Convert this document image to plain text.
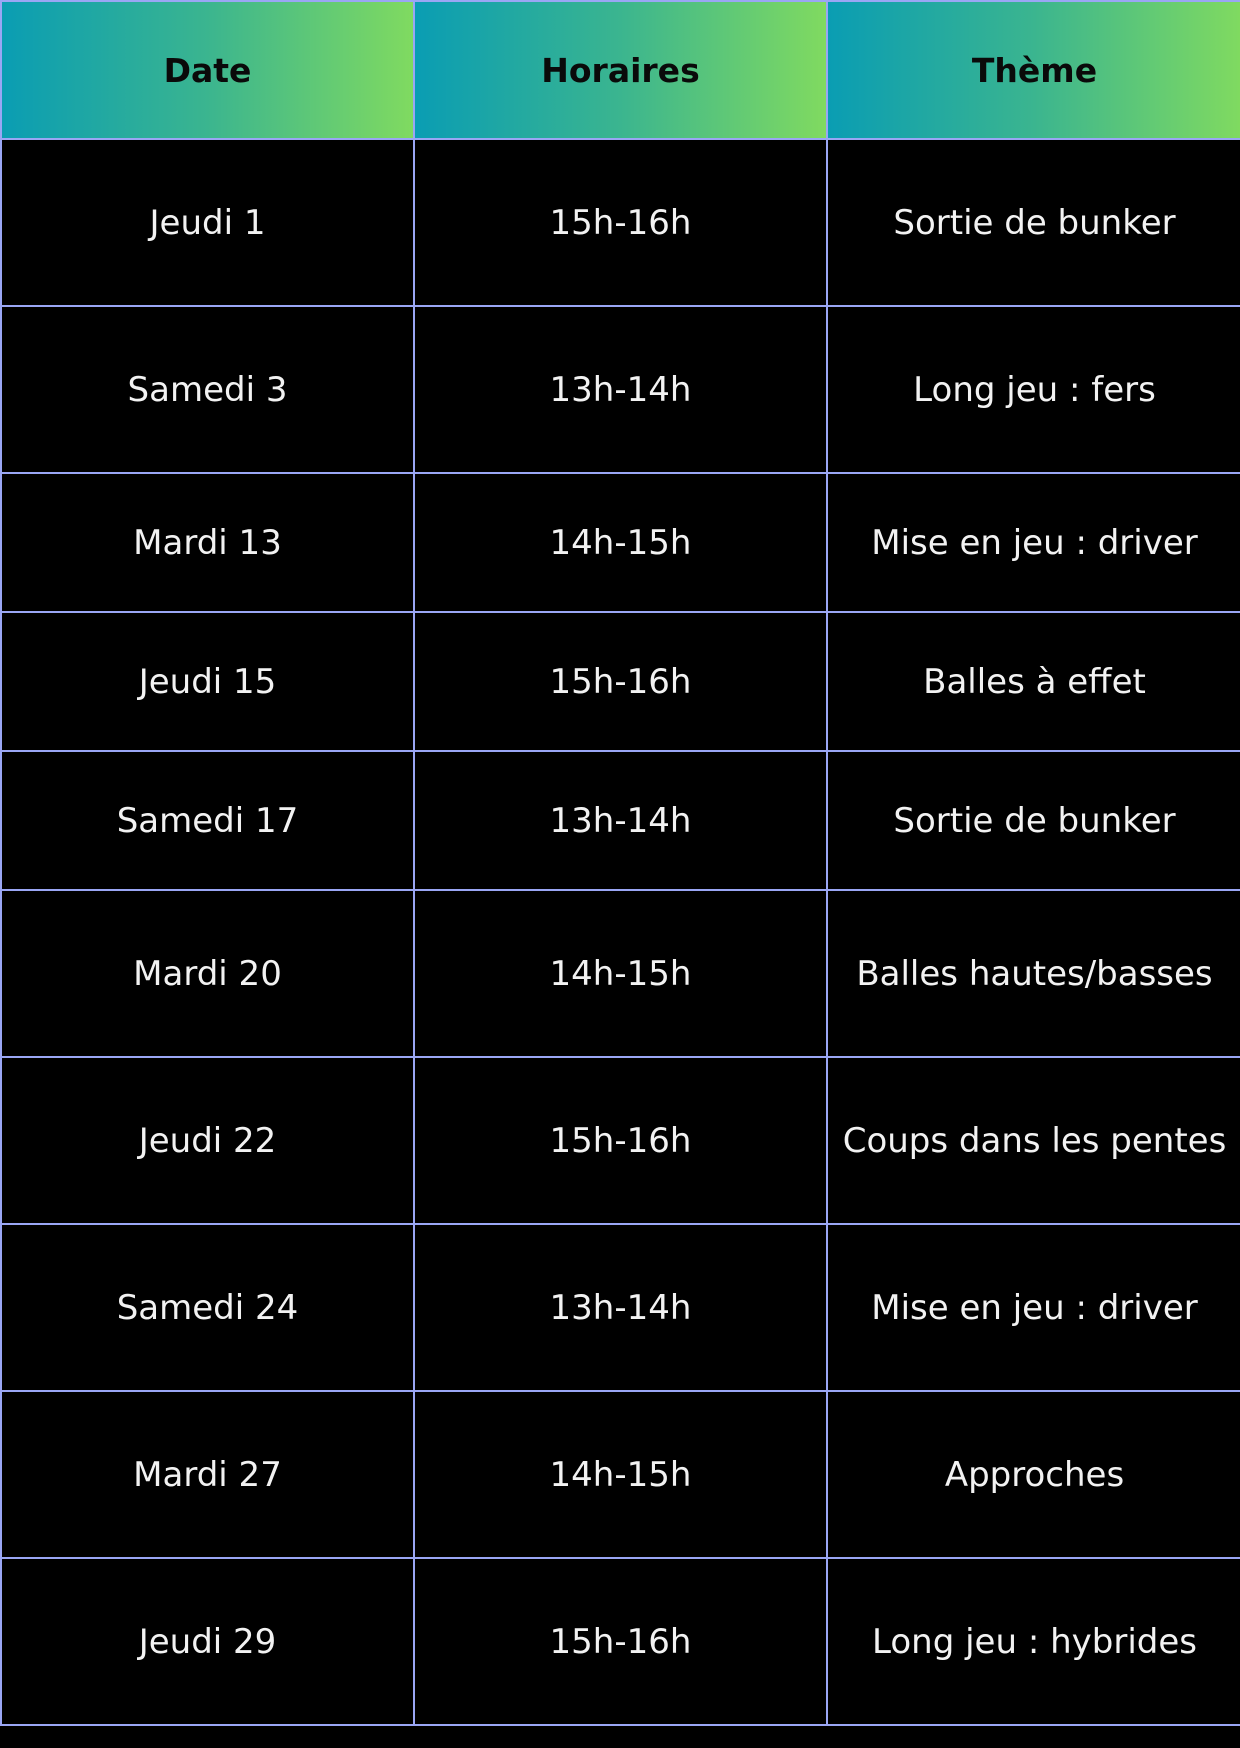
Date	Horaires	Thème
Jeudi 1	15h-16h	Sortie de bunker
Samedi 3	13h-14h	Long jeu : fers
Mardi 13	14h-15h	Mise en jeu : driver
Jeudi 15	15h-16h	Balles à effet
Samedi 17	13h-14h	Sortie de bunker
Mardi 20	14h-15h	Balles hautes/basses
Jeudi 22	15h-16h	Coups dans les pentes
Samedi 24	13h-14h	Mise en jeu : driver
Mardi 27	14h-15h	Approches
Jeudi 29	15h-16h	Long jeu : hybrides
